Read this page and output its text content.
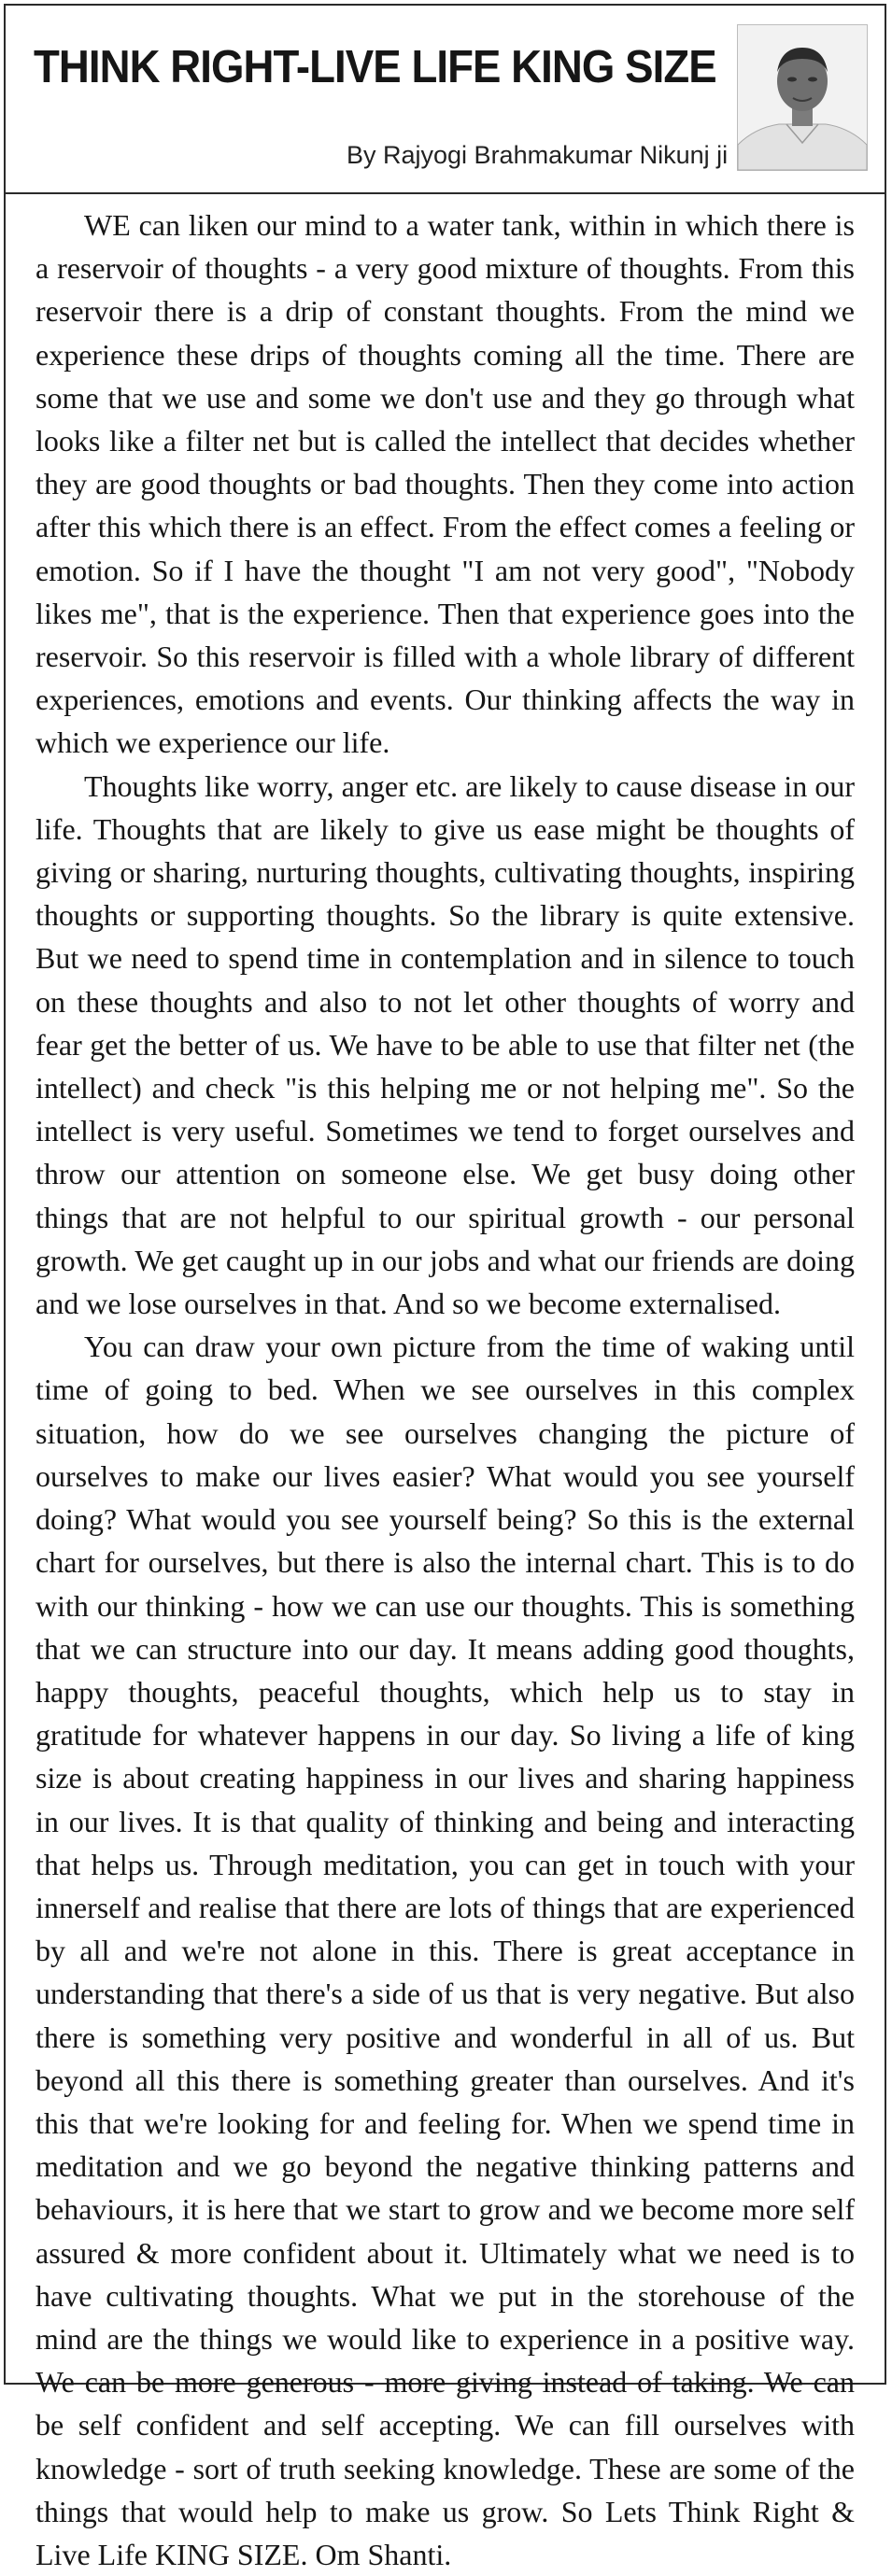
THINK RIGHT-LIVE LIFE KING SIZE
By Rajyogi Brahmakumar Nikunj ji

WE can liken our mind to a water tank, within in which there is a reservoir of thoughts - a very good mixture of thoughts. From this reservoir there is a drip of constant thoughts. From the mind we experience these drips of thoughts coming all the time. There are some that we use and some we don't use and they go through what looks like a filter net but is called the intellect that decides whether they are good thoughts or bad thoughts. Then they come into action after this which there is an effect. From the effect comes a feeling or emotion. So if I have the thought "I am not very good", "Nobody likes me", that is the experience. Then that experience goes into the reservoir. So this reservoir is filled with a whole library of different experiences, emotions and events. Our thinking affects the way in which we experience our life.

Thoughts like worry, anger etc. are likely to cause disease in our life. Thoughts that are likely to give us ease might be thoughts of giving or sharing, nurturing thoughts, cultivating thoughts, inspiring thoughts or supporting thoughts. So the library is quite extensive. But we need to spend time in contemplation and in silence to touch on these thoughts and also to not let other thoughts of worry and fear get the better of us. We have to be able to use that filter net (the intellect) and check "is this helping me or not helping me". So the intellect is very useful. Sometimes we tend to forget ourselves and throw our attention on someone else. We get busy doing other things that are not helpful to our spiritual growth - our personal growth. We get caught up in our jobs and what our friends are doing and we lose ourselves in that. And so we become externalised.

You can draw your own picture from the time of waking until time of going to bed. When we see ourselves in this complex situation, how do we see ourselves changing the picture of ourselves to make our lives easier? What would you see yourself doing? What would you see yourself being? So this is the external chart for ourselves, but there is also the internal chart. This is to do with our thinking - how we can use our thoughts. This is something that we can structure into our day. It means adding good thoughts, happy thoughts, peaceful thoughts, which help us to stay in gratitude for whatever happens in our day. So living a life of king size is about creating happiness in our lives and sharing happiness in our lives. It is that quality of thinking and being and interacting that helps us. Through meditation, you can get in touch with your innerself and realise that there are lots of things that are experienced by all and we're not alone in this. There is great acceptance in understanding that there's a side of us that is very negative. But also there is something very positive and wonderful in all of us. But beyond all this there is something greater than ourselves. And it's this that we're looking for and feeling for. When we spend time in meditation and we go beyond the negative thinking patterns and behaviours, it is here that we start to grow and we become more self assured & more confident about it. Ultimately what we need is to have cultivating thoughts. What we put in the storehouse of the mind are the things we would like to experience in a positive way. We can be more generous - more giving instead of taking. We can be self confident and self accepting. We can fill ourselves with knowledge - sort of truth seeking knowledge. These are some of the things that would help to make us grow. So Lets Think Right & Live Life KING SIZE. Om Shanti.
